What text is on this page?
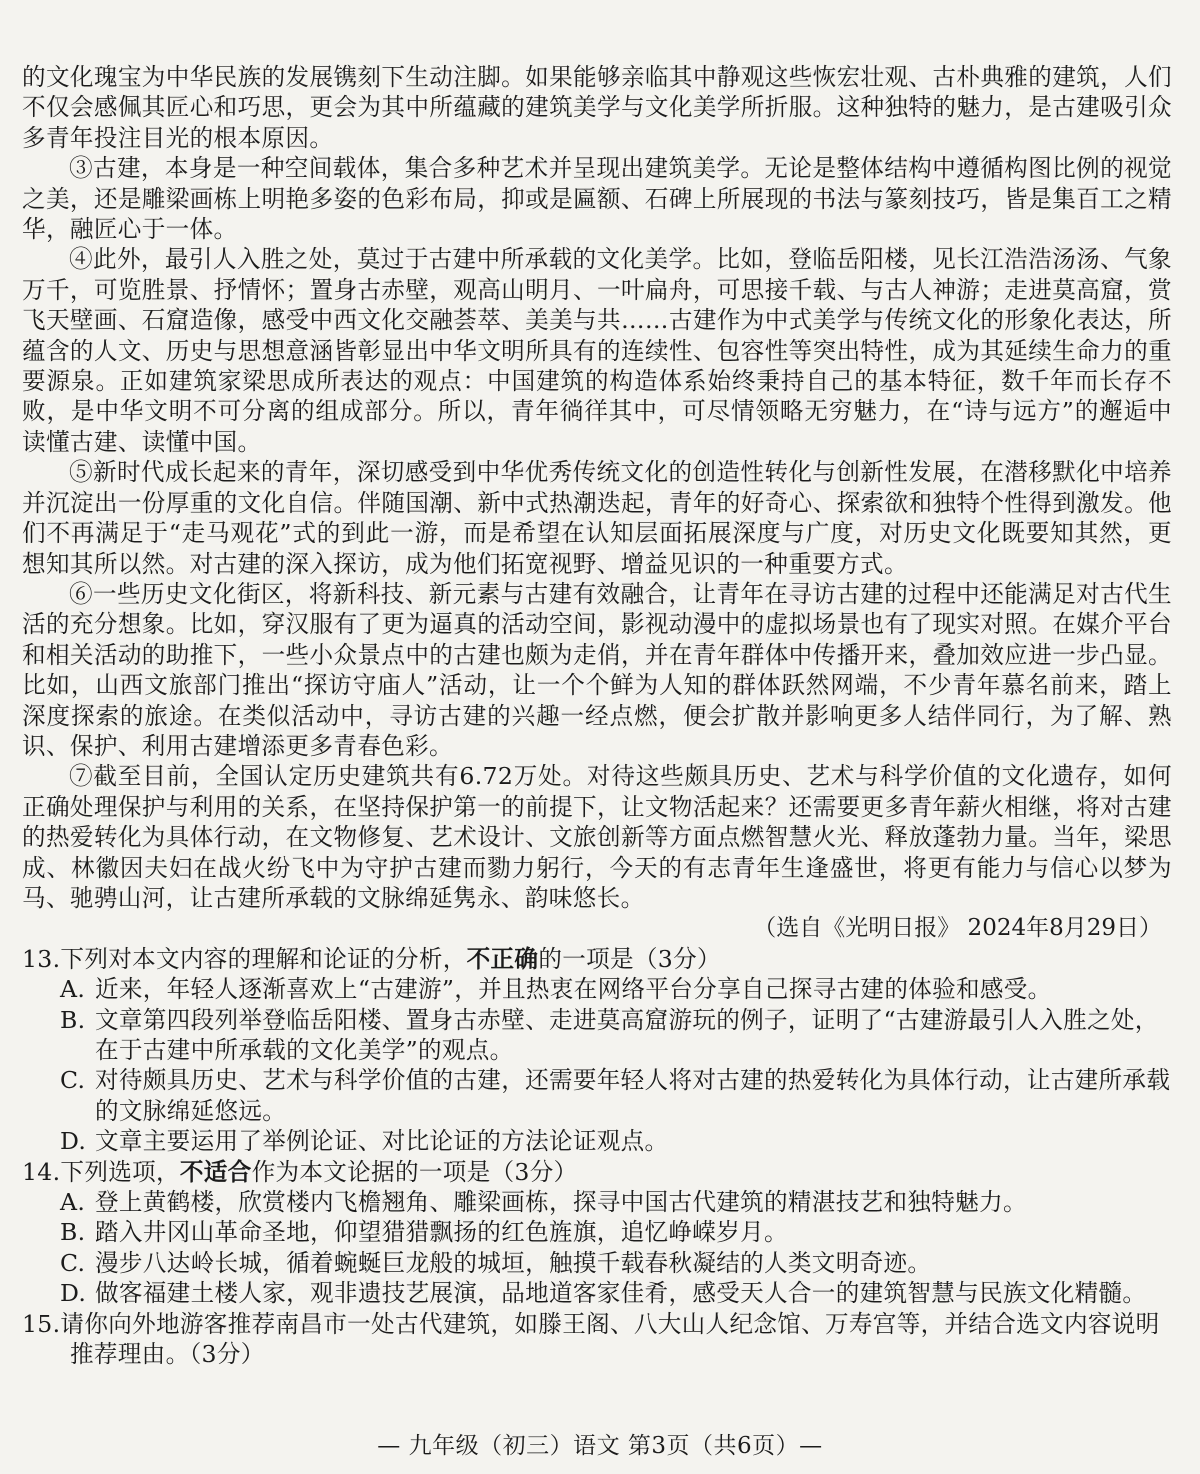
的文化瑰宝为中华民族的发展镌刻下生动注脚。如果能够亲临其中静观这些恢宏壮观、古朴典雅的建筑，人们不仅会感佩其匠心和巧思，更会为其中所蕴藏的建筑美学与文化美学所折服。这种独特的魅力，是古建吸引众多青年投注目光的根本原因。

③古建，本身是一种空间载体，集合多种艺术并呈现出建筑美学。无论是整体结构中遵循构图比例的视觉之美，还是雕梁画栋上明艳多姿的色彩布局，抑或是匾额、石碑上所展现的书法与篆刻技巧，皆是集百工之精华，融匠心于一体。

④此外，最引人入胜之处，莫过于古建中所承载的文化美学。比如，登临岳阳楼，见长江浩浩汤汤、气象万千，可览胜景、抒情怀；置身古赤壁，观高山明月、一叶扁舟，可思接千载、与古人神游；走进莫高窟，赏飞天壁画、石窟造像，感受中西文化交融荟萃、美美与共……古建作为中式美学与传统文化的形象化表达，所蕴含的人文、历史与思想意涵皆彰显出中华文明所具有的连续性、包容性等突出特性，成为其延续生命力的重要源泉。正如建筑家梁思成所表达的观点：中国建筑的构造体系始终秉持自己的基本特征，数千年而长存不败，是中华文明不可分离的组成部分。所以，青年徜徉其中，可尽情领略无穷魅力，在“诗与远方”的邂逅中读懂古建、读懂中国。

⑤新时代成长起来的青年，深切感受到中华优秀传统文化的创造性转化与创新性发展，在潜移默化中培养并沉淀出一份厚重的文化自信。伴随国潮、新中式热潮迭起，青年的好奇心、探索欲和独特个性得到激发。他们不再满足于“走马观花”式的到此一游，而是希望在认知层面拓展深度与广度，对历史文化既要知其然，更想知其所以然。对古建的深入探访，成为他们拓宽视野、增益见识的一种重要方式。

⑥一些历史文化街区，将新科技、新元素与古建有效融合，让青年在寻访古建的过程中还能满足对古代生活的充分想象。比如，穿汉服有了更为逼真的活动空间，影视动漫中的虚拟场景也有了现实对照。在媒介平台和相关活动的助推下，一些小众景点中的古建也颇为走俏，并在青年群体中传播开来，叠加效应进一步凸显。比如，山西文旅部门推出“探访守庙人”活动，让一个个鲜为人知的群体跃然网端，不少青年慕名前来，踏上深度探索的旅途。在类似活动中，寻访古建的兴趣一经点燃，便会扩散并影响更多人结伴同行，为了解、熟识、保护、利用古建增添更多青春色彩。

⑦截至目前，全国认定历史建筑共有6.72万处。对待这些颇具历史、艺术与科学价值的文化遗存，如何正确处理保护与利用的关系，在坚持保护第一的前提下，让文物活起来？还需要更多青年薪火相继，将对古建的热爱转化为具体行动，在文物修复、艺术设计、文旅创新等方面点燃智慧火光、释放蓬勃力量。当年，梁思成、林徽因夫妇在战火纷飞中为守护古建而勠力躬行，今天的有志青年生逢盛世，将更有能力与信心以梦为马、驰骋山河，让古建所承载的文脉绵延隽永、韵味悠长。

（选自《光明日报》 2024年8月29日）

13.下列对本文内容的理解和论证的分析，不正确的一项是（3分）

A. 近来，年轻人逐渐喜欢上“古建游”，并且热衷在网络平台分享自己探寻古建的体验和感受。
B. 文章第四段列举登临岳阳楼、置身古赤壁、走进莫高窟游玩的例子，证明了“古建游最引人入胜之处，在于古建中所承载的文化美学”的观点。
C. 对待颇具历史、艺术与科学价值的古建，还需要年轻人将对古建的热爱转化为具体行动，让古建所承载的文脉绵延悠远。
D. 文章主要运用了举例论证、对比论证的方法论证观点。

14.下列选项，不适合作为本文论据的一项是（3分）

A. 登上黄鹤楼，欣赏楼内飞檐翘角、雕梁画栋，探寻中国古代建筑的精湛技艺和独特魅力。
B. 踏入井冈山革命圣地，仰望猎猎飘扬的红色旌旗，追忆峥嵘岁月。
C. 漫步八达岭长城，循着蜿蜒巨龙般的城垣，触摸千载春秋凝结的人类文明奇迹。
D. 做客福建土楼人家，观非遗技艺展演，品地道客家佳肴，感受天人合一的建筑智慧与民族文化精髓。

15.请你向外地游客推荐南昌市一处古代建筑，如滕王阁、八大山人纪念馆、万寿宫等，并结合选文内容说明推荐理由。（3分）

— 九年级（初三）语文 第3页（共6页）—
